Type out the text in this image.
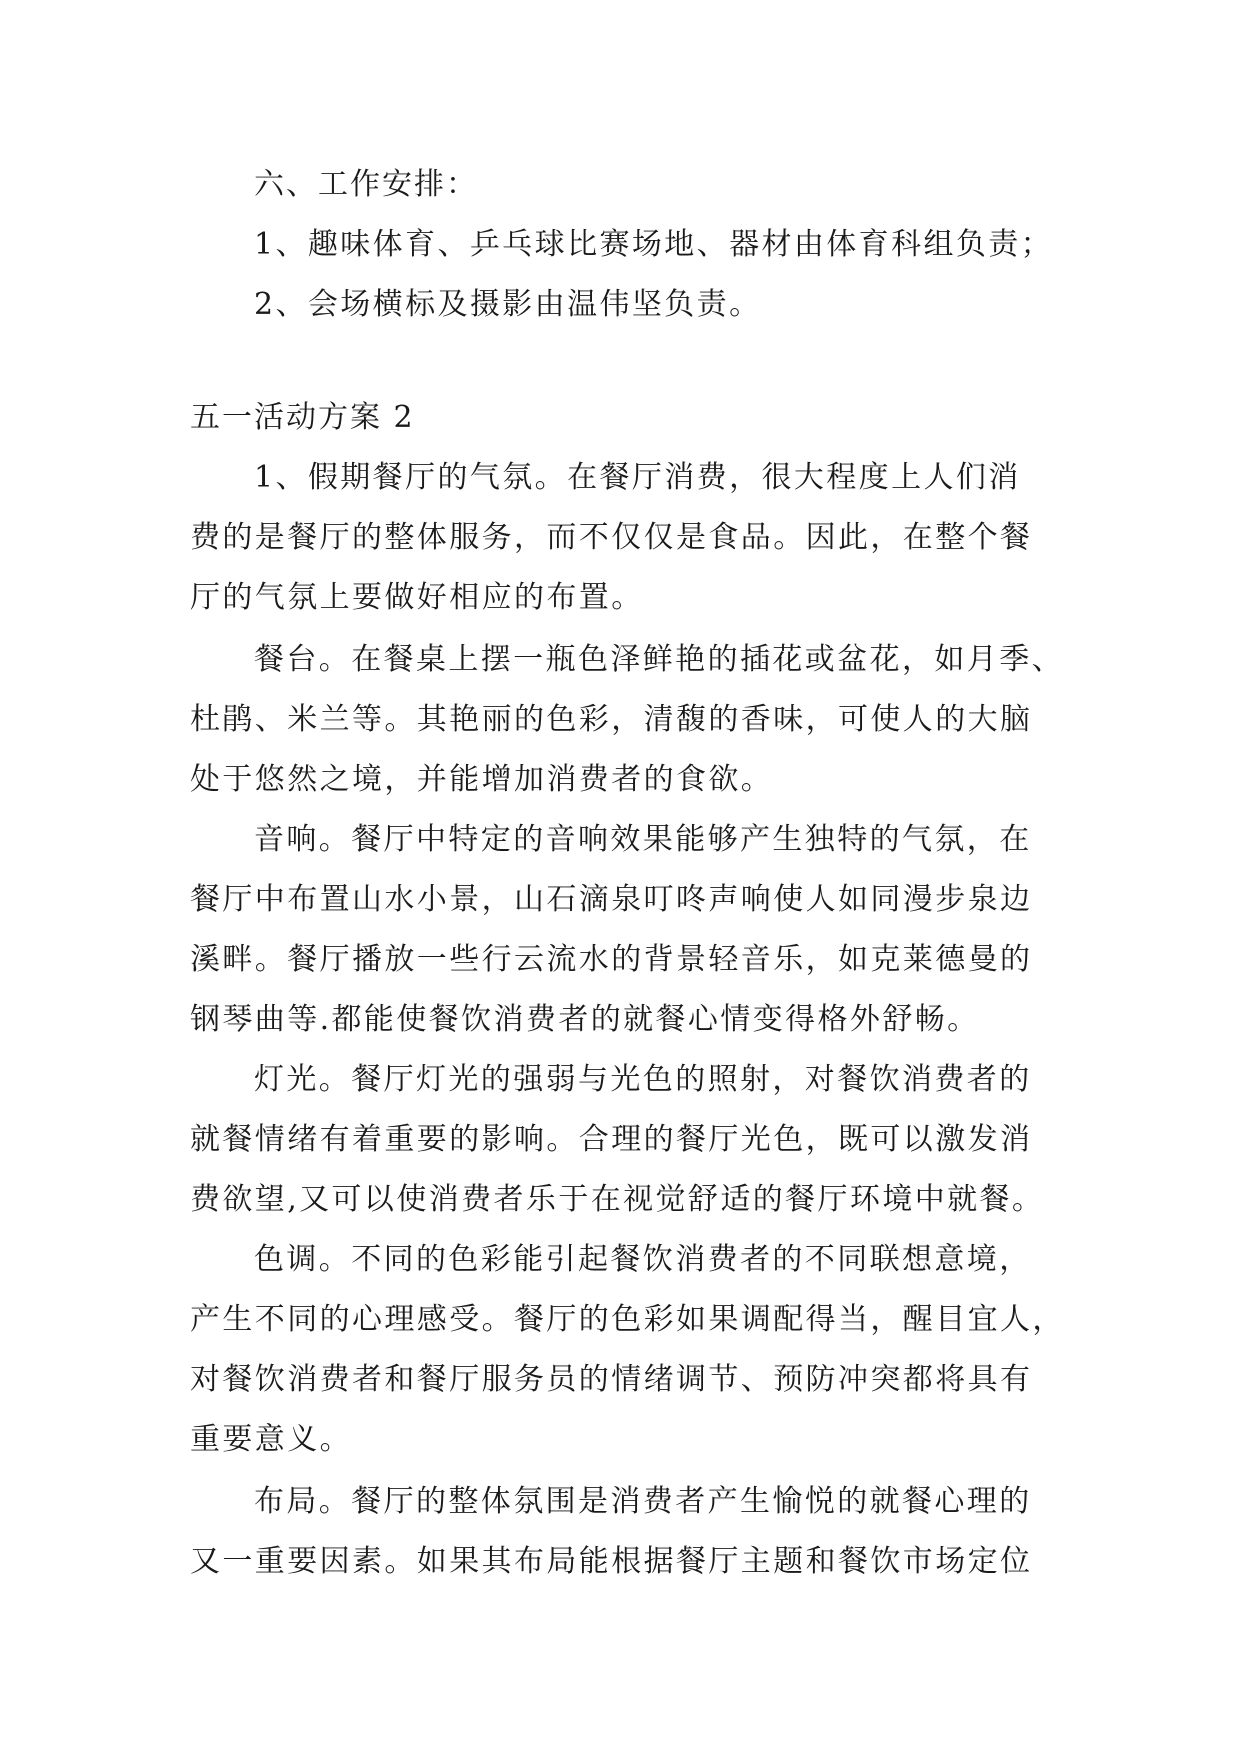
六、工作安排：
1、趣味体育、乒乓球比赛场地、器材由体育科组负责；
2、会场横标及摄影由温伟坚负责。
五一活动方案 2
1、假期餐厅的气氛。在餐厅消费，很大程度上人们消
费的是餐厅的整体服务，而不仅仅是食品。因此，在整个餐
厅的气氛上要做好相应的布置。
餐台。在餐桌上摆一瓶色泽鲜艳的插花或盆花，如月季、
杜鹃、米兰等。其艳丽的色彩，清馥的香味，可使人的大脑
处于悠然之境，并能增加消费者的食欲。
音响。餐厅中特定的音响效果能够产生独特的气氛，在
餐厅中布置山水小景，山石滴泉叮咚声响使人如同漫步泉边
溪畔。餐厅播放一些行云流水的背景轻音乐，如克莱德曼的
钢琴曲等.都能使餐饮消费者的就餐心情变得格外舒畅。
灯光。餐厅灯光的强弱与光色的照射，对餐饮消费者的
就餐情绪有着重要的影响。合理的餐厅光色，既可以激发消
费欲望,又可以使消费者乐于在视觉舒适的餐厅环境中就餐。
色调。不同的色彩能引起餐饮消费者的不同联想意境，
产生不同的心理感受。餐厅的色彩如果调配得当，醒目宜人，
对餐饮消费者和餐厅服务员的情绪调节、预防冲突都将具有
重要意义。
布局。餐厅的整体氛围是消费者产生愉悦的就餐心理的
又一重要因素。如果其布局能根据餐厅主题和餐饮市场定位
